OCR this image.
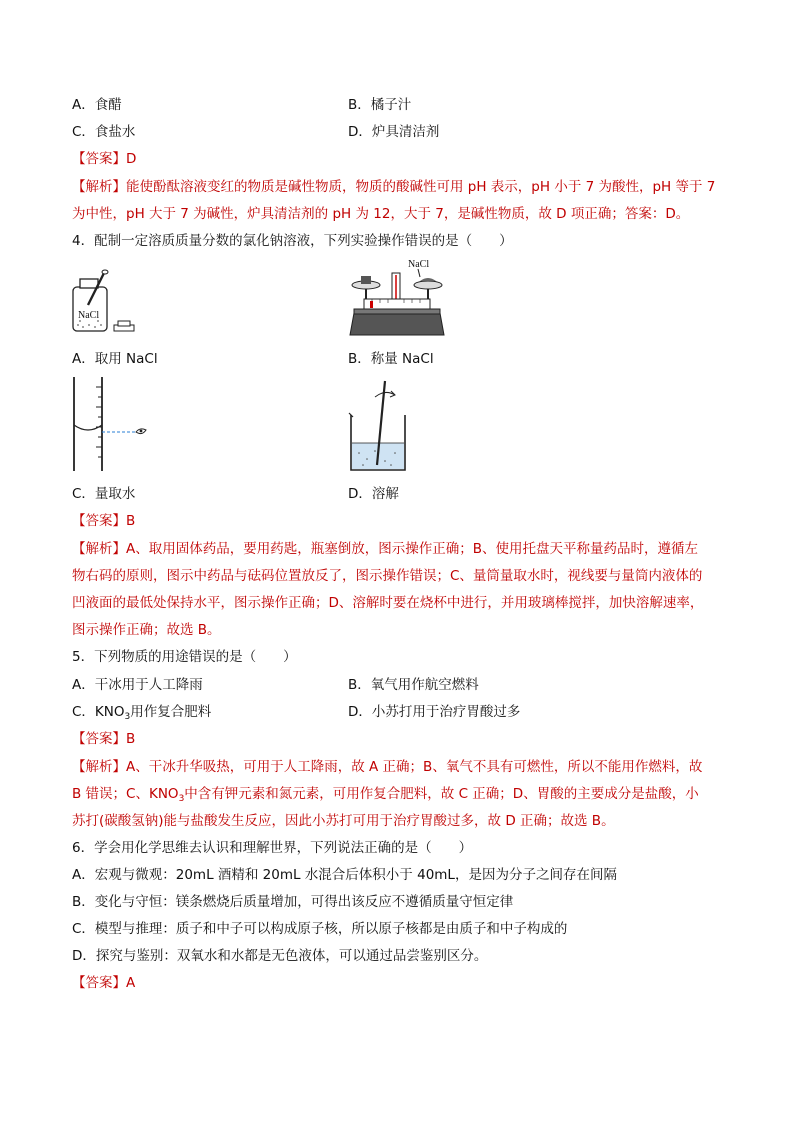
A．食醋	B．橘子汁
C．食盐水	D．炉具清洁剂
【答案】D
【解析】能使酚酞溶液变红的物质是碱性物质，物质的酸碱性可用 pH 表示，pH 小于 7 为酸性，pH 等于 7
为中性，pH 大于 7 为碱性，炉具清洁剂的 pH 为 12，大于 7，是碱性物质，故 D 项正确；答案：D。
4．配制一定溶质质量分数的氯化钠溶液，下列实验操作错误的是（　　）
NaCl
A．取用 NaCl
NaCl
B．称量 NaCl
C．量取水	D．溶解
【答案】B
【解析】A、取用固体药品，要用药匙，瓶塞倒放，图示操作正确；B、使用托盘天平称量药品时，遵循左
物右码的原则，图示中药品与砝码位置放反了，图示操作错误；C、量筒量取水时，视线要与量筒内液体的
凹液面的最低处保持水平，图示操作正确；D、溶解时要在烧杯中进行，并用玻璃棒搅拌，加快溶解速率，
图示操作正确；故选 B。
5．下列物质的用途错误的是（　　）
A．干冰用于人工降雨	B．氧气用作航空燃料
C．$KNO_3$用作复合肥料	D．小苏打用于治疗胃酸过多
【答案】B
【解析】A、干冰升华吸热，可用于人工降雨，故 A 正确；B、氧气不具有可燃性，所以不能用作燃料，故
B 错误；C、$KNO_3$中含有钾元素和氮元素，可用作复合肥料，故 C 正确；D、胃酸的主要成分是盐酸，小
苏打(碳酸氢钠)能与盐酸发生反应，因此小苏打可用于治疗胃酸过多，故 D 正确；故选 B。
6．学会用化学思维去认识和理解世界，下列说法正确的是（　　）
A．宏观与微观：20mL 酒精和 20mL 水混合后体积小于 40mL，是因为分子之间存在间隔
B．变化与守恒：镁条燃烧后质量增加，可得出该反应不遵循质量守恒定律
C．模型与推理：质子和中子可以构成原子核，所以原子核都是由质子和中子构成的
D．探究与鉴别：双氧水和水都是无色液体，可以通过品尝鉴别区分。
【答案】A
